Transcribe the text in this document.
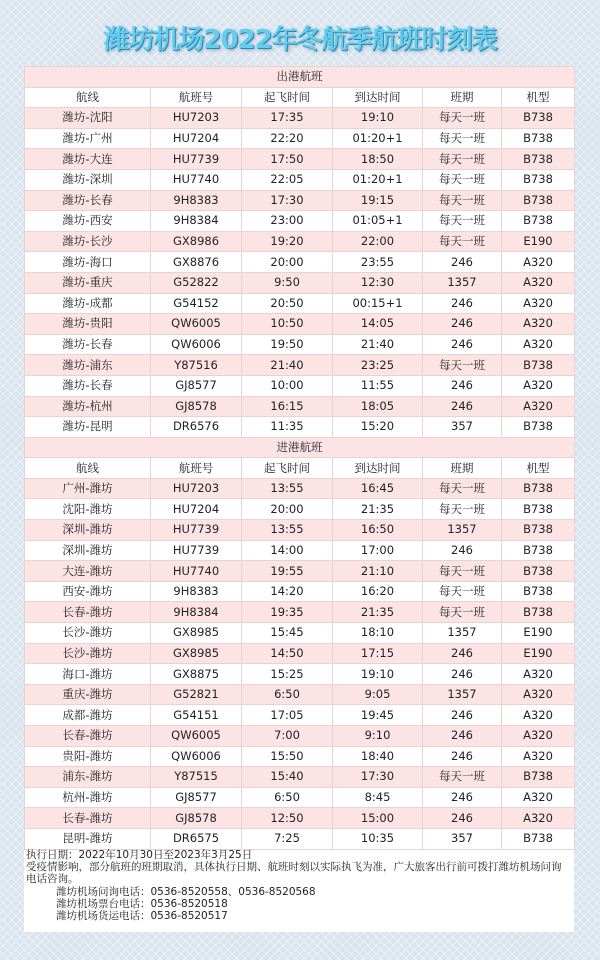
潍坊机场2022年冬航季航班时刻表
出港航班					
航线	航班号	起飞时间	到达时间	班期	机型
潍坊-沈阳	HU7203	17:35	19:10	每天一班	B738
潍坊-广州	HU7204	22:20	01:20+1	每天一班	B738
潍坊-大连	HU7739	17:50	18:50	每天一班	B738
潍坊-深圳	HU7740	22:05	01:20+1	每天一班	B738
潍坊-长春	9H8383	17:30	19:15	每天一班	B738
潍坊-西安	9H8384	23:00	01:05+1	每天一班	B738
潍坊-长沙	GX8986	19:20	22:00	每天一班	E190
潍坊-海口	GX8876	20:00	23:55	246	A320
潍坊-重庆	G52822	9:50	12:30	1357	A320
潍坊-成都	G54152	20:50	00:15+1	246	A320
潍坊-贵阳	QW6005	10:50	14:05	246	A320
潍坊-长春	QW6006	19:50	21:40	246	A320
潍坊-浦东	Y87516	21:40	23:25	每天一班	B738
潍坊-长春	GJ8577	10:00	11:55	246	A320
潍坊-杭州	GJ8578	16:15	18:05	246	A320
潍坊-昆明	DR6576	11:35	15:20	357	B738
进港航班					
航线	航班号	起飞时间	到达时间	班期	机型
广州-潍坊	HU7203	13:55	16:45	每天一班	B738
沈阳-潍坊	HU7204	20:00	21:35	每天一班	B738
深圳-潍坊	HU7739	13:55	16:50	1357	B738
深圳-潍坊	HU7739	14:00	17:00	246	B738
大连-潍坊	HU7740	19:55	21:10	每天一班	B738
西安-潍坊	9H8383	14:20	16:20	每天一班	B738
长春-潍坊	9H8384	19:35	21:35	每天一班	B738
长沙-潍坊	GX8985	15:45	18:10	1357	E190
长沙-潍坊	GX8985	14:50	17:15	246	E190
海口-潍坊	GX8875	15:25	19:10	246	A320
重庆-潍坊	G52821	6:50	9:05	1357	A320
成都-潍坊	G54151	17:05	19:45	246	A320
长春-潍坊	QW6005	7:00	9:10	246	A320
贵阳-潍坊	QW6006	15:50	18:40	246	A320
浦东-潍坊	Y87515	15:40	17:30	每天一班	B738
杭州-潍坊	GJ8577	6:50	8:45	246	A320
长春-潍坊	GJ8578	12:50	15:00	246	A320
昆明-潍坊	DR6575	7:25	10:35	357	B738
执行日期：2022年10月30日至2023年3月25日
受疫情影响，部分航班的班期取消，具体执行日期、航班时刻以实际执飞为准，广大旅客出行前可拨打潍坊机场问询
电话咨询。
潍坊机场问询电话：0536-8520558、0536-8520568
潍坊机场票台电话：0536-8520518
潍坊机场货运电话：0536-8520517
